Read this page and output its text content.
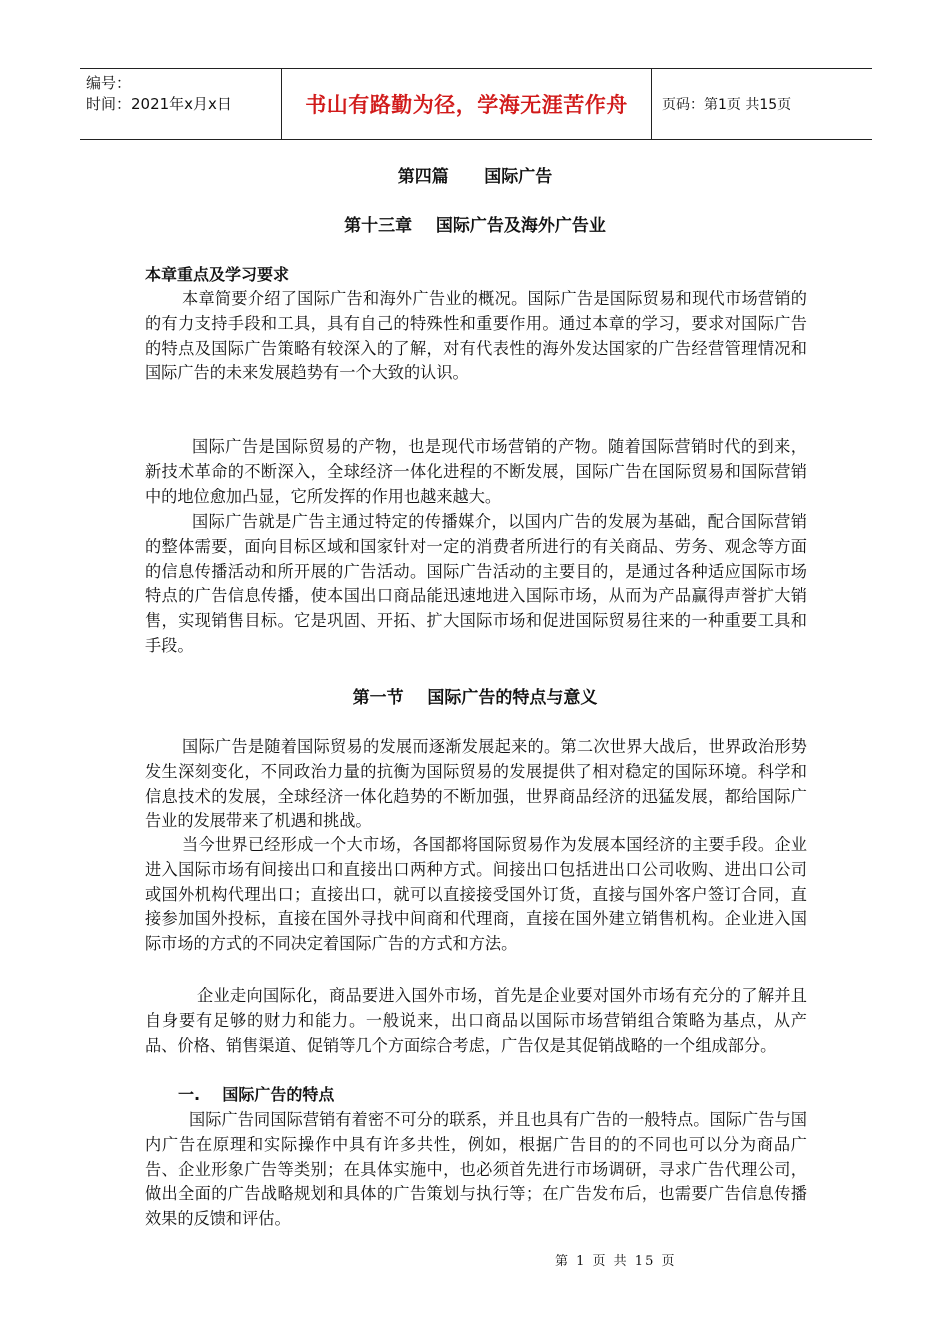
编号：
时间：2021年x月x日	书山有路勤为径，学海无涯苦作舟	页码：第1页 共15页
第四篇      国际广告
第十三章    国际广告及海外广告业
本章重点及学习要求

本章简要介绍了国际广告和海外广告业的概况。国际广告是国际贸易和现代市场营销的的有力支持手段和工具，具有自己的特殊性和重要作用。通过本章的学习，要求对国际广告的特点及国际广告策略有较深入的了解，对有代表性的海外发达国家的广告经营管理情况和国际广告的未来发展趋势有一个大致的认识。

国际广告是国际贸易的产物，也是现代市场营销的产物。随着国际营销时代的到来，新技术革命的不断深入，全球经济一体化进程的不断发展，国际广告在国际贸易和国际营销中的地位愈加凸显，它所发挥的作用也越来越大。

国际广告就是广告主通过特定的传播媒介，以国内广告的发展为基础，配合国际营销的整体需要，面向目标区域和国家针对一定的消费者所进行的有关商品、劳务、观念等方面的信息传播活动和所开展的广告活动。国际广告活动的主要目的，是通过各种适应国际市场特点的广告信息传播，使本国出口商品能迅速地进入国际市场，从而为产品赢得声誉扩大销售，实现销售目标。它是巩固、开拓、扩大国际市场和促进国际贸易往来的一种重要工具和手段。

第一节    国际广告的特点与意义

国际广告是随着国际贸易的发展而逐渐发展起来的。第二次世界大战后，世界政治形势发生深刻变化，不同政治力量的抗衡为国际贸易的发展提供了相对稳定的国际环境。科学和信息技术的发展，全球经济一体化趋势的不断加强，世界商品经济的迅猛发展，都给国际广告业的发展带来了机遇和挑战。

当今世界已经形成一个大市场，各国都将国际贸易作为发展本国经济的主要手段。企业进入国际市场有间接出口和直接出口两种方式。间接出口包括进出口公司收购、进出口公司或国外机构代理出口；直接出口，就可以直接接受国外订货，直接与国外客户签订合同，直接参加国外投标，直接在国外寻找中间商和代理商，直接在国外建立销售机构。企业进入国际市场的方式的不同决定着国际广告的方式和方法。

企业走向国际化，商品要进入国外市场，首先是企业要对国外市场有充分的了解并且自身要有足够的财力和能力。一般说来，出口商品以国际市场营销组合策略为基点，从产品、价格、销售渠道、促销等几个方面综合考虑，广告仅是其促销战略的一个组成部分。

一.    国际广告的特点

国际广告同国际营销有着密不可分的联系，并且也具有广告的一般特点。国际广告与国内广告在原理和实际操作中具有许多共性，例如，根据广告目的的不同也可以分为商品广告、企业形象广告等类别；在具体实施中，也必须首先进行市场调研，寻求广告代理公司，做出全面的广告战略规划和具体的广告策划与执行等；在广告发布后，也需要广告信息传播效果的反馈和评估。

第 1 页 共 15 页
